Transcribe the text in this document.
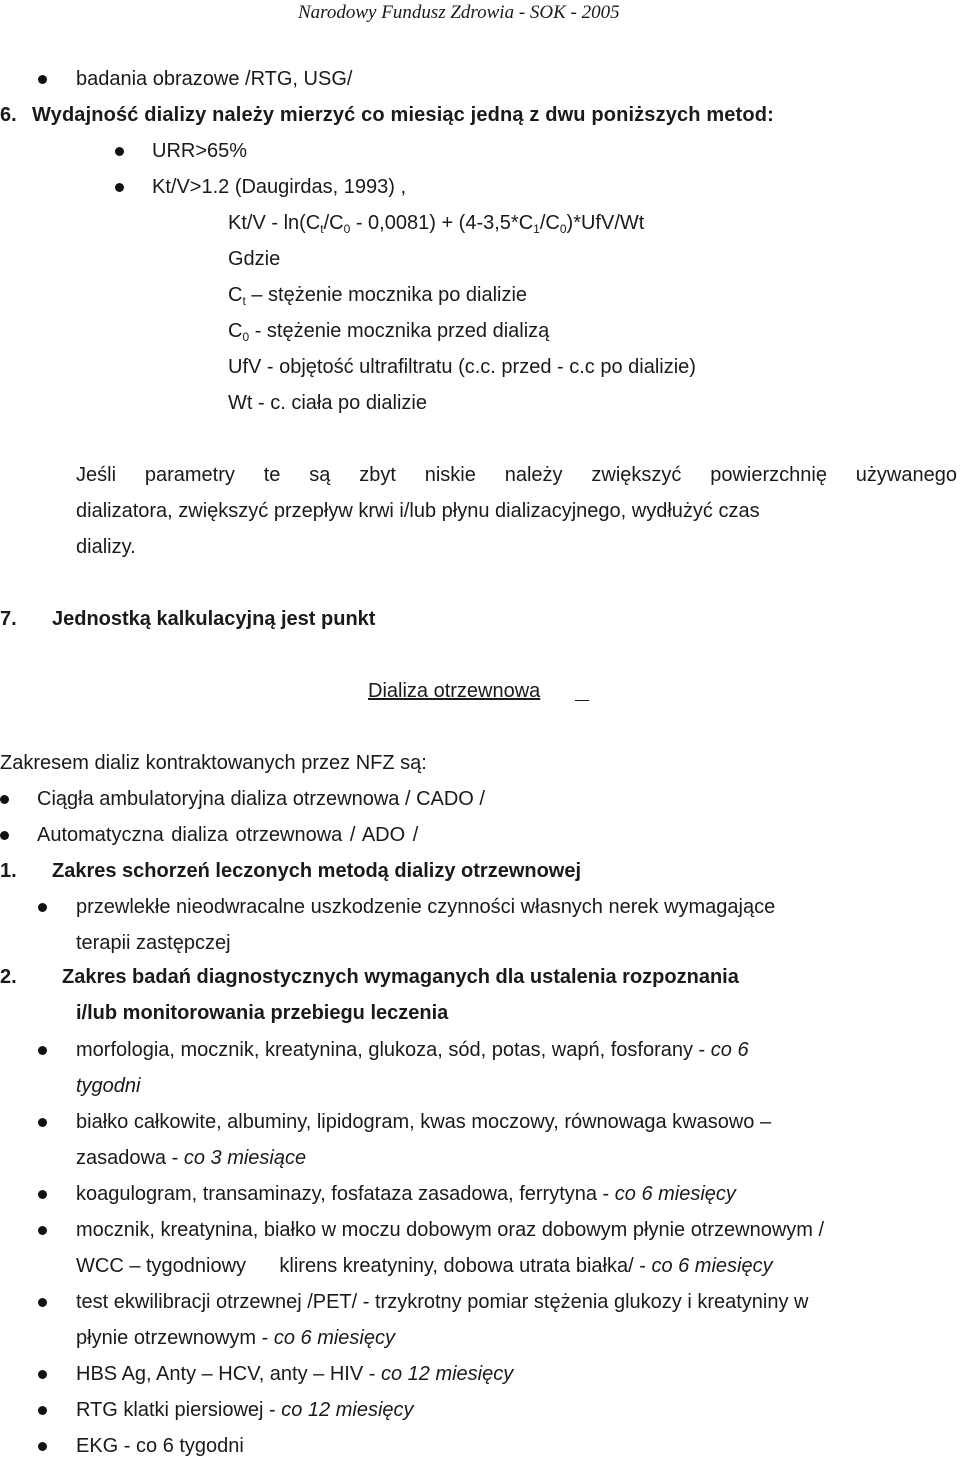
Narodowy Fundusz Zdrowia - SOK - 2005
badania obrazowe /RTG, USG/
6. Wydajność dializy należy mierzyć co miesiąc jedną z dwu poniższych metod:
URR>65%
Kt/V>1.2 (Daugirdas, 1993) ,
$Kt/V - \ln(C_t/C_0 - 0,0081) + (4-3,5*C_1/C_0)*UfV/Wt$
Gdzie
$C_t$ – stężenie mocznika po dializie
$C_0$ - stężenie mocznika przed dializą
UfV - objętość ultrafiltratu (c.c. przed - c.c po dializie)
Wt - c. ciała po dializie
Jeśli parametry te są zbyt niskie należy zwiększyć powierzchnię używanego
dializatora, zwiększyć przepływ krwi i/lub płynu dializacyjnego, wydłużyć czas
dializy.
7. Jednostką kalkulacyjną jest punkt
Dializa otrzewnowa
Zakresem dializ kontraktowanych przez NFZ są:
Ciągła ambulatoryjna dializa otrzewnowa / CADO /
Automatyczna dializa otrzewnowa / ADO /
1. Zakres schorzeń leczonych metodą dializy otrzewnowej
przewlekłe nieodwracalne uszkodzenie czynności własnych nerek wymagające
terapii zastępczej
2. Zakres badań diagnostycznych wymaganych dla ustalenia rozpoznania
i/lub monitorowania przebiegu leczenia
morfologia, mocznik, kreatynina, glukoza, sód, potas, wapń, fosforany - co 6
tygodni
białko całkowite, albuminy, lipidogram, kwas moczowy, równowaga kwasowo –
zasadowa - co 3 miesiące
koagulogram, transaminazy, fosfataza zasadowa, ferrytyna - co 6 miesięcy
mocznik, kreatynina, białko w moczu dobowym oraz dobowym płynie otrzewnowym /
WCC – tygodniowy      klirens kreatyniny, dobowa utrata białka/ - co 6 miesięcy
test ekwilibracji otrzewnej /PET/ - trzykrotny pomiar stężenia glukozy i kreatyniny w
płynie otrzewnowym - co 6 miesięcy
HBS Ag, Anty – HCV, anty – HIV - co 12 miesięcy
RTG klatki piersiowej - co 12 miesięcy
EKG - co 6 tygodni
